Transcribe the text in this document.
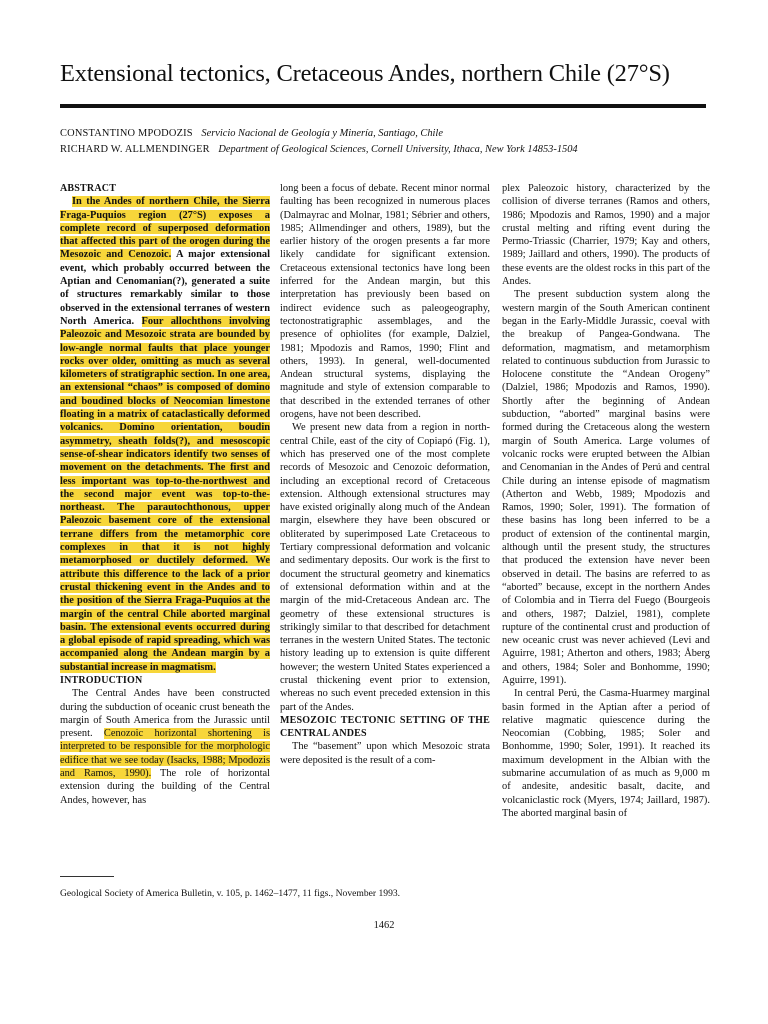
Extensional tectonics, Cretaceous Andes, northern Chile (27°S)
CONSTANTINO MPODOZIS Servicio Nacional de Geología y Minería, Santiago, Chile
RICHARD W. ALLMENDINGER Department of Geological Sciences, Cornell University, Ithaca, New York 14853-1504

ABSTRACT

In the Andes of northern Chile, the Sierra Fraga-Puquios region (27°S) exposes a complete record of superposed deformation that affected this part of the orogen during the Mesozoic and Cenozoic. A major extensional event, which probably occurred between the Aptian and Cenomanian(?), generated a suite of structures remarkably similar to those observed in the extensional terranes of western North America. Four allochthons involving Paleozoic and Mesozoic strata are bounded by low-angle normal faults that place younger rocks over older, omitting as much as several kilometers of stratigraphic section. In one area, an extensional “chaos” is composed of domino and boudined blocks of Neocomian limestone floating in a matrix of cataclastically deformed volcanics. Domino orientation, boudin asymmetry, sheath folds(?), and mesoscopic sense-of-shear indicators identify two senses of movement on the detachments. The first and less important was top-to-the-northwest and the second major event was top-to-the-northeast. The parautochthonous, upper Paleozoic basement core of the extensional terrane differs from the metamorphic core complexes in that it is not highly metamorphosed or ductilely deformed. We attribute this difference to the lack of a prior crustal thickening event in the Andes and to the position of the Sierra Fraga-Puquios at the margin of the central Chile aborted marginal basin. The extensional events occurred during a global episode of rapid spreading, which was accompanied along the Andean margin by a substantial increase in magmatism.

INTRODUCTION

The Central Andes have been constructed during the subduction of oceanic crust beneath the margin of South America from the Jurassic until present. Cenozoic horizontal shortening is interpreted to be responsible for the morphologic edifice that we see today (Isacks, 1988; Mpodozis and Ramos, 1990). The role of horizontal extension during the building of the Central Andes, however, has

long been a focus of debate. Recent minor normal faulting has been recognized in numerous places (Dalmayrac and Molnar, 1981; Sébrier and others, 1985; Allmendinger and others, 1989), but the earlier history of the orogen presents a far more likely candidate for significant extension. Cretaceous extensional tectonics have long been inferred for the Andean margin, but this interpretation has previously been based on indirect evidence such as paleogeography, tectonostratigraphic assemblages, and the presence of ophiolites (for example, Dalziel, 1981; Mpodozis and Ramos, 1990; Flint and others, 1993). In general, well-documented Andean structural systems, displaying the magnitude and style of extension comparable to that described in the extended terranes of other orogens, have not been described.

We present new data from a region in north-central Chile, east of the city of Copiapó (Fig. 1), which has preserved one of the most complete records of Mesozoic and Cenozoic deformation, including an exceptional record of Cretaceous extension. Although extensional structures may have existed originally along much of the Andean margin, elsewhere they have been obscured or obliterated by superimposed Late Cretaceous to Tertiary compressional deformation and volcanic and sedimentary deposits. Our work is the first to document the structural geometry and kinematics of extensional deformation within and at the margin of the mid-Cretaceous Andean arc. The geometry of these extensional structures is strikingly similar to that described for detachment terranes in the western United States. The tectonic history leading up to extension is quite different however; the western United States experienced a crustal thickening event prior to extension, whereas no such event preceded extension in this part of the Andes.

MESOZOIC TECTONIC SETTING OF THE CENTRAL ANDES

The “basement” upon which Mesozoic strata were deposited is the result of a com-

plex Paleozoic history, characterized by the collision of diverse terranes (Ramos and others, 1986; Mpodozis and Ramos, 1990) and a major crustal melting and rifting event during the Permo-Triassic (Charrier, 1979; Kay and others, 1989; Jaillard and others, 1990). The products of these events are the oldest rocks in this part of the Andes.

The present subduction system along the western margin of the South American continent began in the Early-Middle Jurassic, coeval with the breakup of Pangea-Gondwana. The deformation, magmatism, and metamorphism related to continuous subduction from Jurassic to Holocene constitute the “Andean Orogeny” (Dalziel, 1986; Mpodozis and Ramos, 1990). Shortly after the beginning of Andean subduction, “aborted” marginal basins were formed during the Cretaceous along the western margin of South America. Large volumes of volcanic rocks were erupted between the Albian and Cenomanian in the Andes of Perú and central Chile during an intense episode of magmatism (Atherton and Webb, 1989; Mpodozis and Ramos, 1990; Soler, 1991). The formation of these basins has long been inferred to be a product of extension of the continental margin, although until the present study, the structures that produced the extension have never been observed in detail. The basins are referred to as “aborted” because, except in the northern Andes of Colombia and in Tierra del Fuego (Bourgeois and others, 1987; Dalziel, 1981), complete rupture of the continental crust and production of new oceanic crust was never achieved (Levi and Aguirre, 1981; Atherton and others, 1983; Åberg and others, 1984; Soler and Bonhomme, 1990; Aguirre, 1991).

In central Perú, the Casma-Huarmey marginal basin formed in the Aptian after a period of relative magmatic quiescence during the Neocomian (Cobbing, 1985; Soler and Bonhomme, 1990; Soler, 1991). It reached its maximum development in the Albian with the submarine accumulation of as much as 9,000 m of andesite, andesitic basalt, dacite, and volcaniclastic rock (Myers, 1974; Jaillard, 1987). The aborted marginal basin of

Geological Society of America Bulletin, v. 105, p. 1462–1477, 11 figs., November 1993.
1462
